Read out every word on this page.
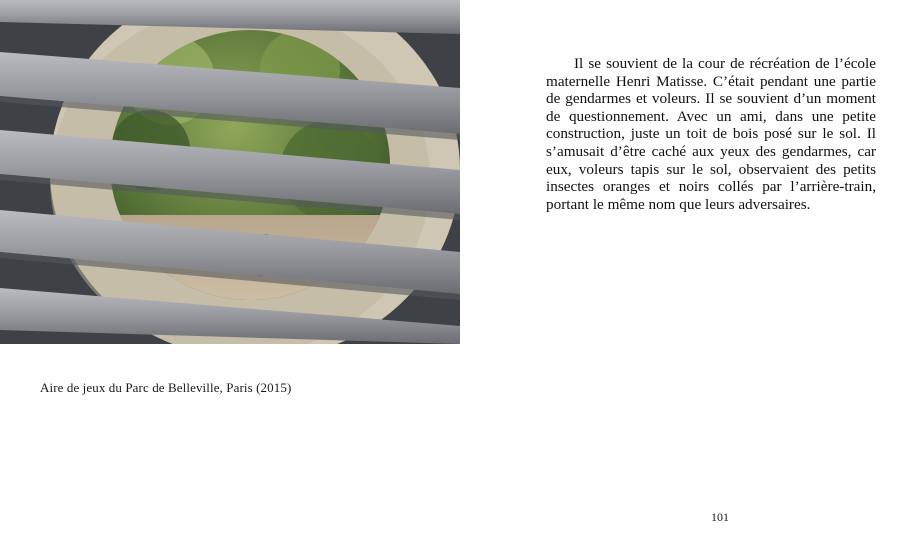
Aire de jeux du Parc de Belleville, Paris (2015)

Il se souvient de la cour de récréation de l’école maternelle Henri Matisse. C’était pendant une partie de gendarmes et voleurs. Il se souvient d’un moment de questionnement. Avec un ami, dans une petite construction, juste un toit de bois posé sur le sol. Il s’amusait d’être caché aux yeux des gendarmes, car eux, voleurs tapis sur le sol, observaient des petits insectes oranges et noirs collés par l’arrière-train, portant le même nom que leurs adversaires.

101
